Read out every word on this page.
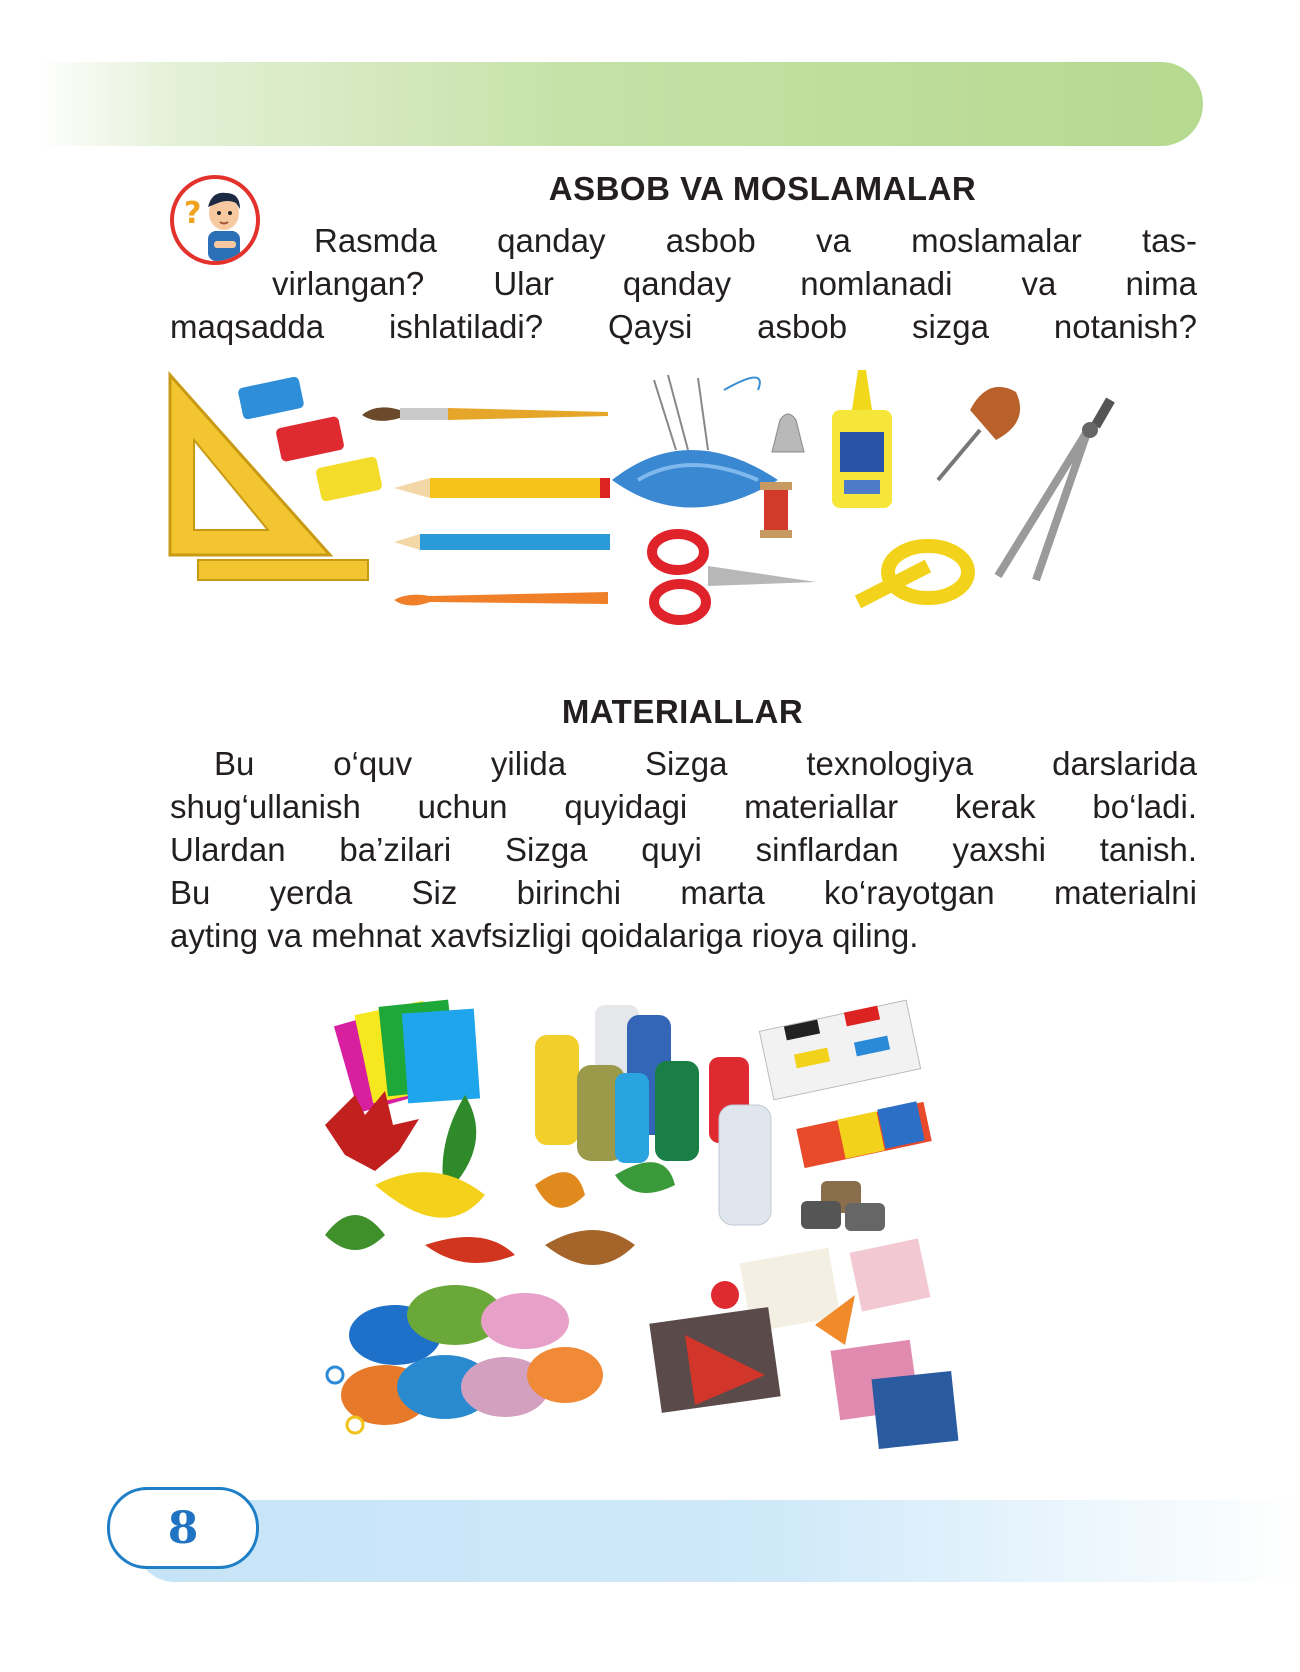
?
ASBOB VA MOSLAMALAR
Rasmda qanday asbob va moslamalar tas-
virlangan? Ular qanday nomlanadi va nima
maqsadda ishlatiladi? Qaysi asbob sizga notanish?
MATERIALLAR
Bu o‘quv yilida Sizga texnologiya darslarida
shug‘ullanish uchun quyidagi materiallar kerak bo‘ladi.
Ulardan ba’zilari Sizga quyi sinflardan yaxshi tanish.
Bu yerda Siz birinchi marta ko‘rayotgan materialni
ayting va mehnat xavfsizligi qoidalariga rioya qiling.
8
